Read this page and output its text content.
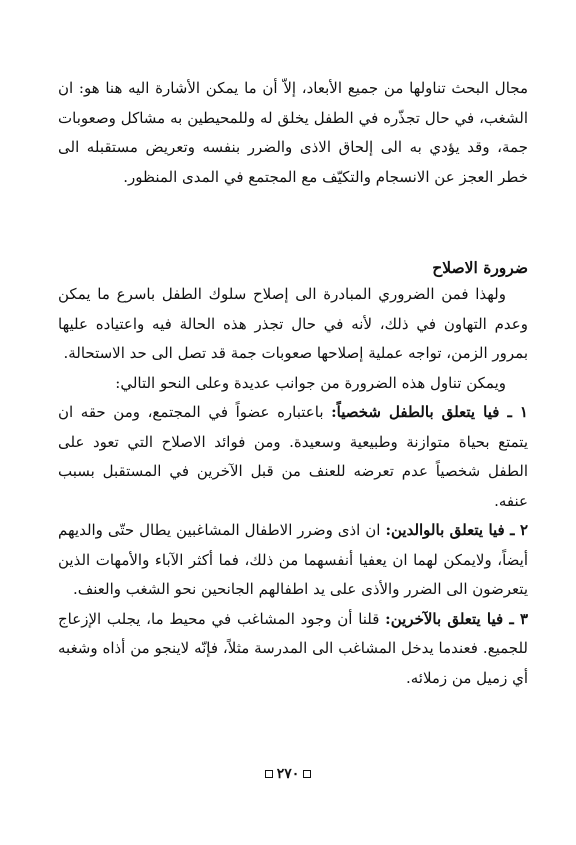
مجال البحث تناولها من جميع الأبعاد، إلاّ أن ما يمكن الأشارة اليه هنا هو: ان الشغب، في حال تجذّره في الطفل يخلق له وللمحيطين به مشاكل وصعوبات جمة، وقد يؤدي به الى إلحاق الاذى والضرر بنفسه وتعريض مستقبله الى خطر العجز عن الانسجام والتكيّف مع المجتمع في المدى المنظور.

ضرورة الاصلاح

ولهذا فمن الضروري المبادرة الى إصلاح سلوك الطفل باسرع ما يمكن وعدم التهاون في ذلك، لأنه في حال تجذر هذه الحالة فيه واعتياده عليها بمرور الزمن، تواجه عملية إصلاحها صعوبات جمة قد تصل الى حد الاستحالة.

ويمكن تناول هذه الضرورة من جوانب عديدة وعلى النحو التالي:

١ ـ فيا يتعلق بالطفل شخصياً: باعتباره عضواً في المجتمع، ومن حقه ان يتمتع بحياة متوازنة وطبيعية وسعيدة. ومن فوائد الاصلاح التي تعود على الطفل شخصياً عدم تعرضه للعنف من قبل الآخرين في المستقبل بسبب عنفه.

٢ ـ فيا يتعلق بالوالدين: ان اذى وضرر الاطفال المشاغبين يطال حتّى والديهم أيضاً، ولايمكن لهما ان يعفيا أنفسهما من ذلك، فما أكثر الآباء والأمهات الذين يتعرضون الى الضرر والأذى على يد اطفالهم الجانحين نحو الشغب والعنف.

٣ ـ فيا يتعلق بالآخرين: قلنا أن وجود المشاغب في محيط ما، يجلب الإزعاج للجميع. فعندما يدخل المشاغب الى المدرسة مثلاً، فإنّه لاينجو من أذاه وشغبه أي زميل من زملائه.

٢٧٠
